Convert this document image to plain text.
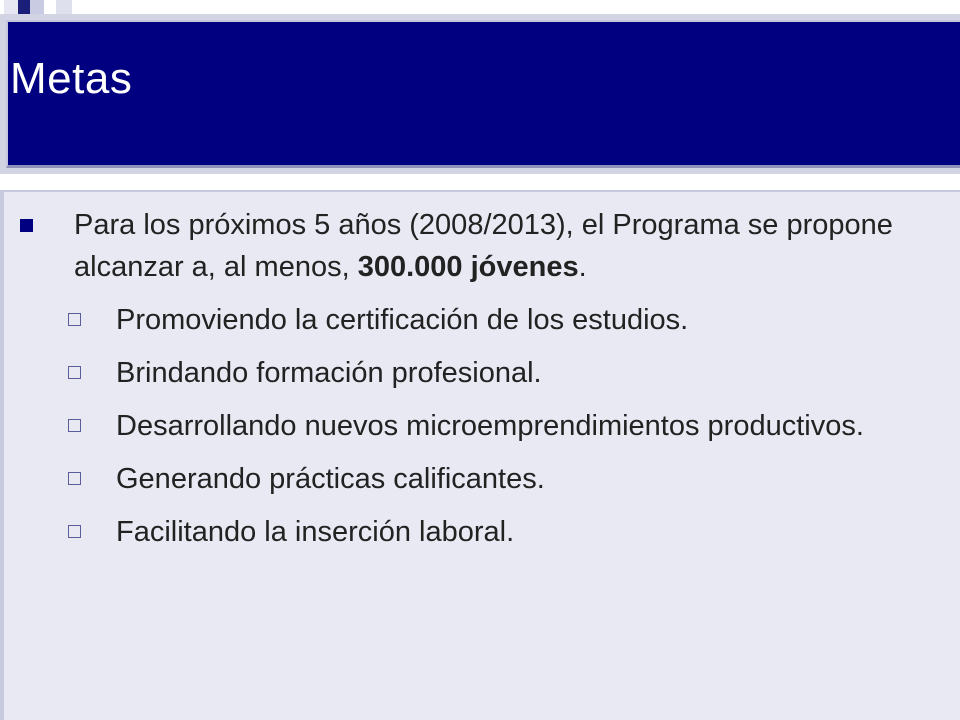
Metas

Para los próximos 5 años (2008/2013), el Programa se propone alcanzar a, al menos, 300.000 jóvenes.

Promoviendo la certificación de los estudios.
Brindando formación profesional.
Desarrollando nuevos microemprendimientos productivos.
Generando prácticas calificantes.
Facilitando la inserción laboral.
